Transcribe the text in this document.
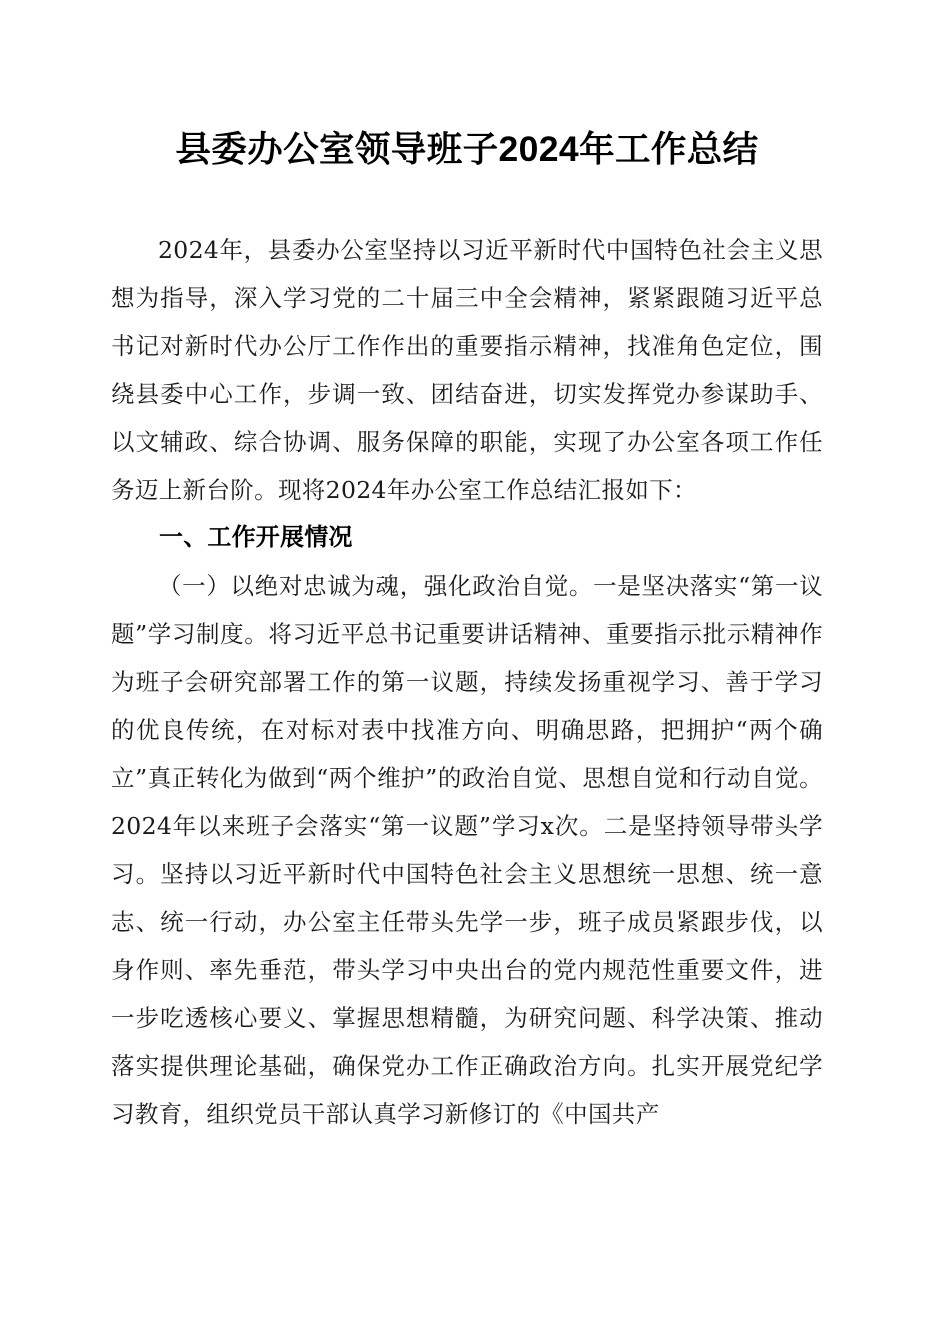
县委办公室领导班子2024年工作总结

2024年，县委办公室坚持以习近平新时代中国特色社会主义思想为指导，深入学习党的二十届三中全会精神，紧紧跟随习近平总书记对新时代办公厅工作作出的重要指示精神，找准角色定位，围绕县委中心工作，步调一致、团结奋进，切实发挥党办参谋助手、以文辅政、综合协调、服务保障的职能，实现了办公室各项工作任务迈上新台阶。现将2024年办公室工作总结汇报如下：

一、工作开展情况

（一）以绝对忠诚为魂，强化政治自觉。一是坚决落实“第一议题”学习制度。将习近平总书记重要讲话精神、重要指示批示精神作为班子会研究部署工作的第一议题，持续发扬重视学习、善于学习的优良传统，在对标对表中找准方向、明确思路，把拥护“两个确立”真正转化为做到“两个维护”的政治自觉、思想自觉和行动自觉。2024年以来班子会落实“第一议题”学习x次。二是坚持领导带头学习。坚持以习近平新时代中国特色社会主义思想统一思想、统一意志、统一行动，办公室主任带头先学一步，班子成员紧跟步伐，以身作则、率先垂范，带头学习中央出台的党内规范性重要文件，进一步吃透核心要义、掌握思想精髓，为研究问题、科学决策、推动落实提供理论基础，确保党办工作正确政治方向。扎实开展党纪学习教育，组织党员干部认真学习新修订的《中国共产
